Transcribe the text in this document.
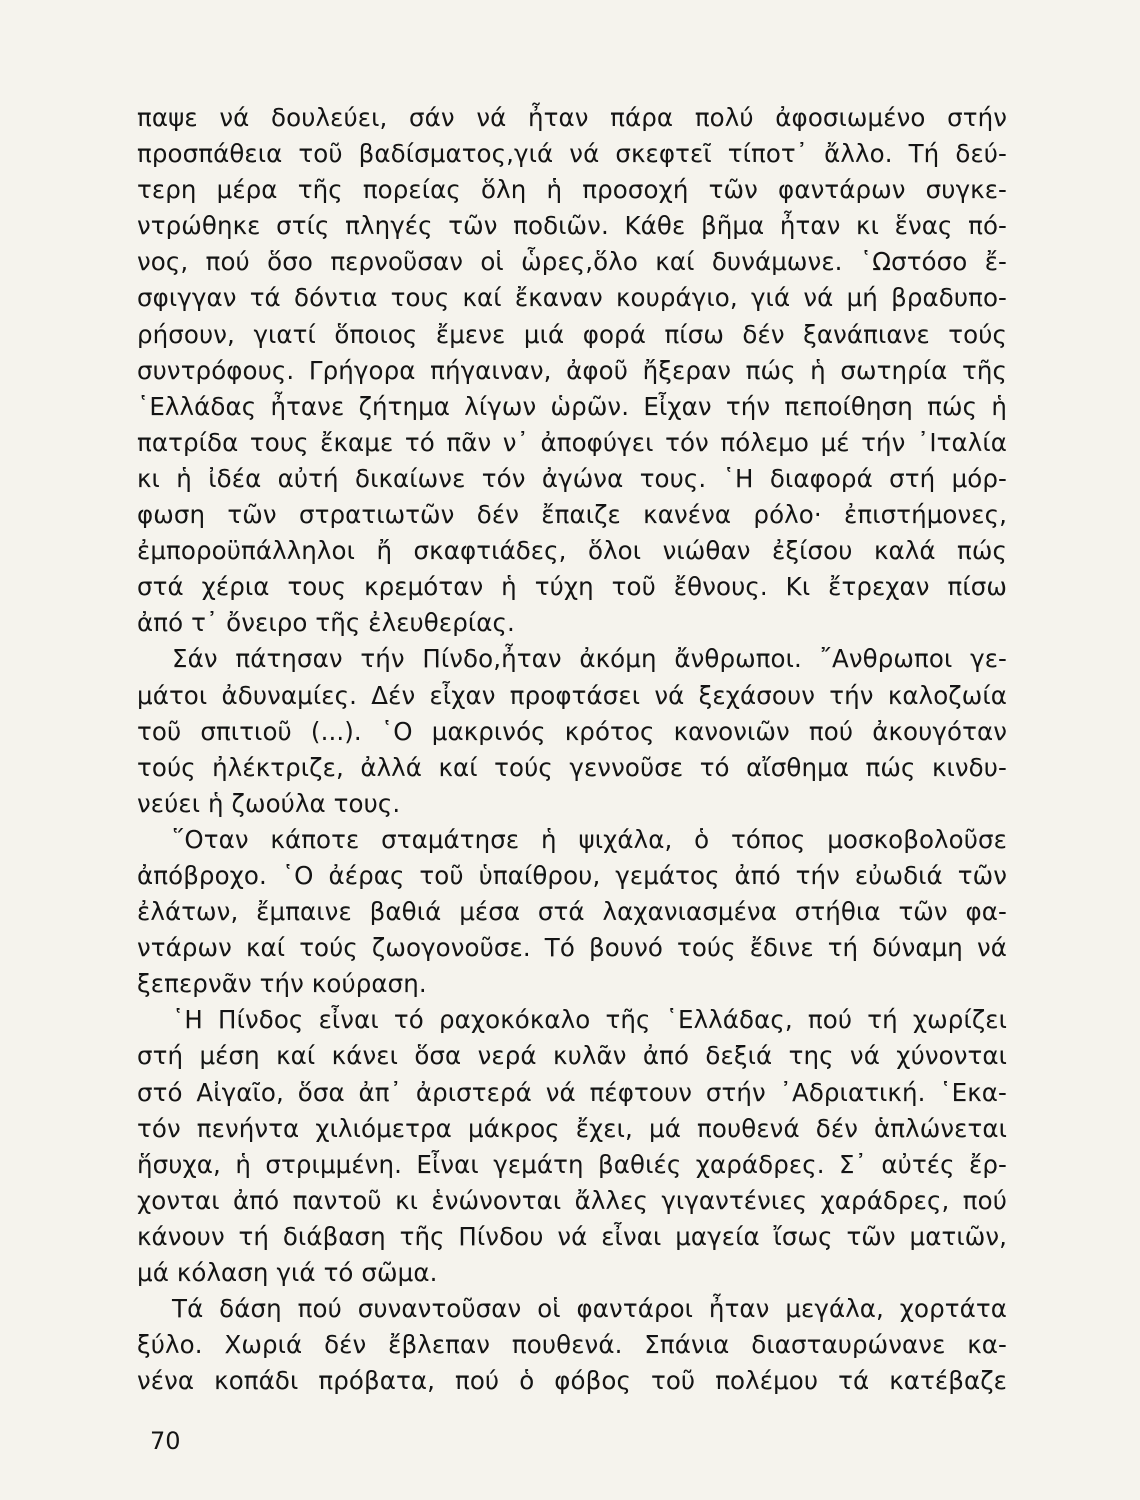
παψε νά δουλεύει, σάν νά ἦταν πάρα πολύ ἀφοσιωμένο στήν
προσπάθεια τοῦ βαδίσματος,γιά νά σκεφτεῖ τίποτ᾽ ἄλλο. Τή δεύ-
τερη μέρα τῆς πορείας ὅλη ἡ προσοχή τῶν φαντάρων συγκε-
ντρώθηκε στίς πληγές τῶν ποδιῶν. Κάθε βῆμα ἦταν κι ἕνας πό-
νος, πού ὅσο περνοῦσαν οἱ ὧρες,ὅλο καί δυνάμωνε. ῾Ωστόσο ἔ-
σφιγγαν τά δόντια τους καί ἔκαναν κουράγιο, γιά νά μή βραδυπο-
ρήσουν, γιατί ὅποιος ἔμενε μιά φορά πίσω δέν ξανάπιανε τούς
συντρόφους. Γρήγορα πήγαιναν, ἀφοῦ ἤξεραν πώς ἡ σωτηρία τῆς
῾Ελλάδας ἦτανε ζήτημα λίγων ὡρῶν. Εἶχαν τήν πεποίθηση πώς ἡ
πατρίδα τους ἔκαμε τό πᾶν ν᾽ ἀποφύγει τόν πόλεμο μέ τήν ᾽Ιταλία
κι ἡ ἰδέα αὐτή δικαίωνε τόν ἀγώνα τους. ῾Η διαφορά στή μόρ-
φωση τῶν στρατιωτῶν δέν ἔπαιζε κανένα ρόλο· ἐπιστήμονες,
ἐμποροϋπάλληλοι ἤ σκαφτιάδες, ὅλοι νιώθαν ἐξίσου καλά πώς
στά χέρια τους κρεμόταν ἡ τύχη τοῦ ἔθνους. Κι ἔτρεχαν πίσω
ἀπό τ᾽ ὄνειρο τῆς ἐλευθερίας.
Σάν πάτησαν τήν Πίνδο,ἦταν ἀκόμη ἄνθρωποι. ῎Ανθρωποι γε-
μάτοι ἀδυναμίες. Δέν εἶχαν προφτάσει νά ξεχάσουν τήν καλοζωία
τοῦ σπιτιοῦ (...). ῾Ο μακρινός κρότος κανονιῶν πού ἀκουγόταν
τούς ἠλέκτριζε, ἀλλά καί τούς γεννοῦσε τό αἴσθημα πώς κινδυ-
νεύει ἡ ζωούλα τους.
῞Οταν κάποτε σταμάτησε ἡ ψιχάλα, ὁ τόπος μοσκοβολοῦσε
ἀπόβροχο. ῾Ο ἀέρας τοῦ ὑπαίθρου, γεμάτος ἀπό τήν εὐωδιά τῶν
ἐλάτων, ἔμπαινε βαθιά μέσα στά λαχανιασμένα στήθια τῶν φα-
ντάρων καί τούς ζωογονοῦσε. Τό βουνό τούς ἔδινε τή δύναμη νά
ξεπερνᾶν τήν κούραση.
῾Η Πίνδος εἶναι τό ραχοκόκαλο τῆς ῾Ελλάδας, πού τή χωρίζει
στή μέση καί κάνει ὅσα νερά κυλᾶν ἀπό δεξιά της νά χύνονται
στό Αἰγαῖο, ὅσα ἀπ᾽ ἀριστερά νά πέφτουν στήν ᾽Αδριατική. ῾Εκα-
τόν πενήντα χιλιόμετρα μάκρος ἔχει, μά πουθενά δέν ἁπλώνεται
ἥσυχα, ἡ στριμμένη. Εἶναι γεμάτη βαθιές χαράδρες. Σ᾽ αὐτές ἔρ-
χονται ἀπό παντοῦ κι ἑνώνονται ἄλλες γιγαντένιες χαράδρες, πού
κάνουν τή διάβαση τῆς Πίνδου νά εἶναι μαγεία ἴσως τῶν ματιῶν,
μά κόλαση γιά τό σῶμα.
Τά δάση πού συναντοῦσαν οἱ φαντάροι ἦταν μεγάλα, χορτάτα
ξύλο. Χωριά δέν ἔβλεπαν πουθενά. Σπάνια διασταυρώνανε κα-
νένα κοπάδι πρόβατα, πού ὁ φόβος τοῦ πολέμου τά κατέβαζε
70
